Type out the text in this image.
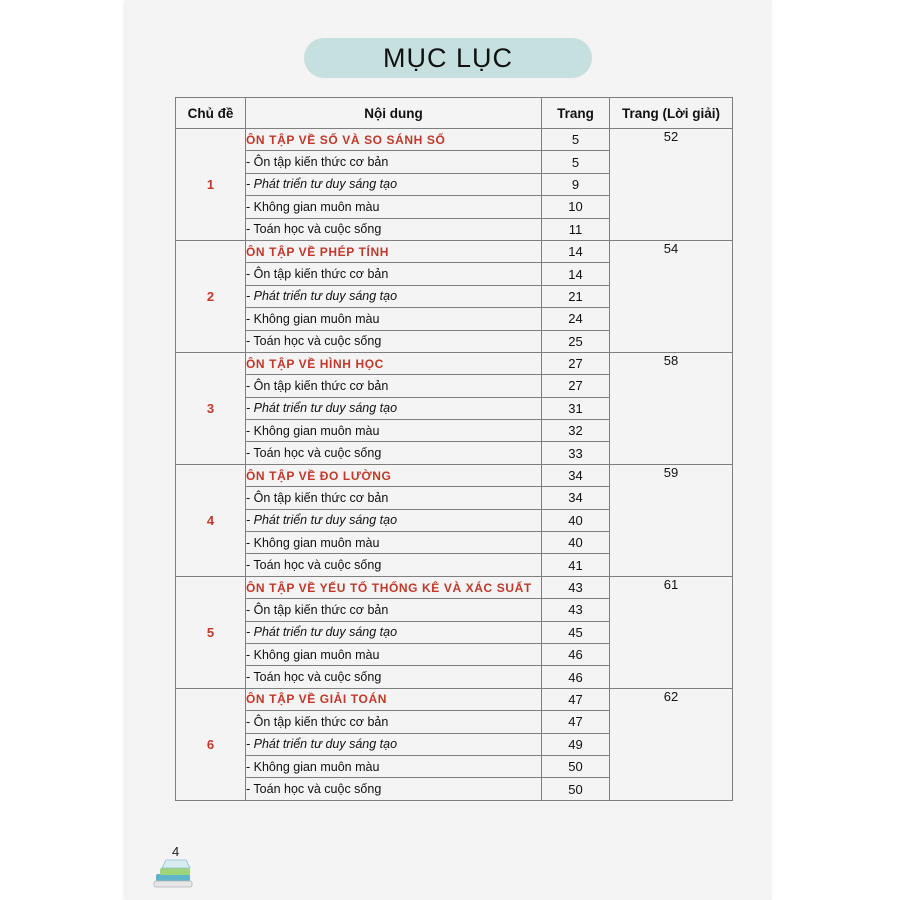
MỤC LỤC
Chủ đề	Nội dung	Trang	Trang (Lời giải)
1	ÔN TẬP VỀ SỐ VÀ SO SÁNH SỐ	5	52
	- Ôn tập kiến thức cơ bản	5	
	- Phát triển tư duy sáng tạo	9	
	- Không gian muôn màu	10	
	- Toán học và cuộc sống	11	
2	ÔN TẬP VỀ PHÉP TÍNH	14	54
	- Ôn tập kiến thức cơ bản	14	
	- Phát triển tư duy sáng tạo	21	
	- Không gian muôn màu	24	
	- Toán học và cuộc sống	25	
3	ÔN TẬP VỀ HÌNH HỌC	27	58
	- Ôn tập kiến thức cơ bản	27	
	- Phát triển tư duy sáng tạo	31	
	- Không gian muôn màu	32	
	- Toán học và cuộc sống	33	
4	ÔN TẬP VỀ ĐO LƯỜNG	34	59
	- Ôn tập kiến thức cơ bản	34	
	- Phát triển tư duy sáng tạo	40	
	- Không gian muôn màu	40	
	- Toán học và cuộc sống	41	
5	ÔN TẬP VỀ YẾU TỐ THỐNG KÊ VÀ XÁC SUẤT	43	61
	- Ôn tập kiến thức cơ bản	43	
	- Phát triển tư duy sáng tạo	45	
	- Không gian muôn màu	46	
	- Toán học và cuộc sống	46	
6	ÔN TẬP VỀ GIẢI TOÁN	47	62
	- Ôn tập kiến thức cơ bản	47	
	- Phát triển tư duy sáng tạo	49	
	- Không gian muôn màu	50	
	- Toán học và cuộc sống	50	
4
